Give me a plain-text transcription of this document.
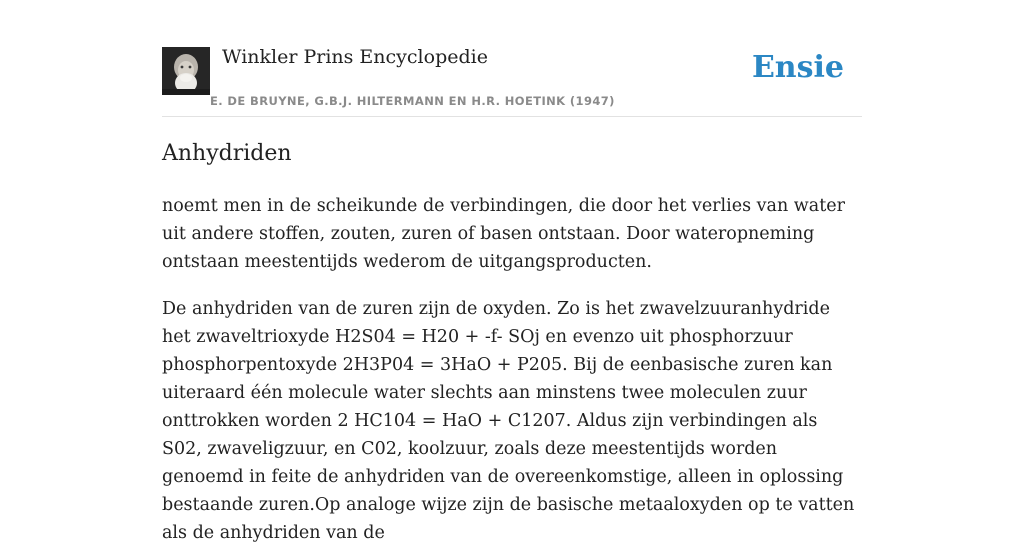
Winkler Prins Encyclopedie
E. DE BRUYNE, G.B.J. HILTERMANN EN H.R. HOETINK (1947)
Ensie
Anhydriden

noemt men in de scheikunde de verbindingen, die door het verlies van water uit andere stoffen, zouten, zuren of basen ontstaan. Door wateropneming ontstaan meestentijds wederom de uitgangsproducten.

De anhydriden van de zuren zijn de oxyden. Zo is het zwavelzuuranhydride het zwaveltrioxyde H2S04 = H20 + -f- SOj en evenzo uit phosphorzuur phosphorpentoxyde 2H3P04 = 3HaO + P205. Bij de eenbasische zuren kan uiteraard één molecule water slechts aan minstens twee moleculen zuur onttrokken worden 2 HC104 = HaO + C1207. Aldus zijn verbindingen als S02, zwaveligzuur, en C02, koolzuur, zoals deze meestentijds worden genoemd in feite de anhydriden van de overeenkomstige, alleen in oplossing bestaande zuren.Op analoge wijze zijn de basische metaaloxyden op te vatten als de anhydriden van de
